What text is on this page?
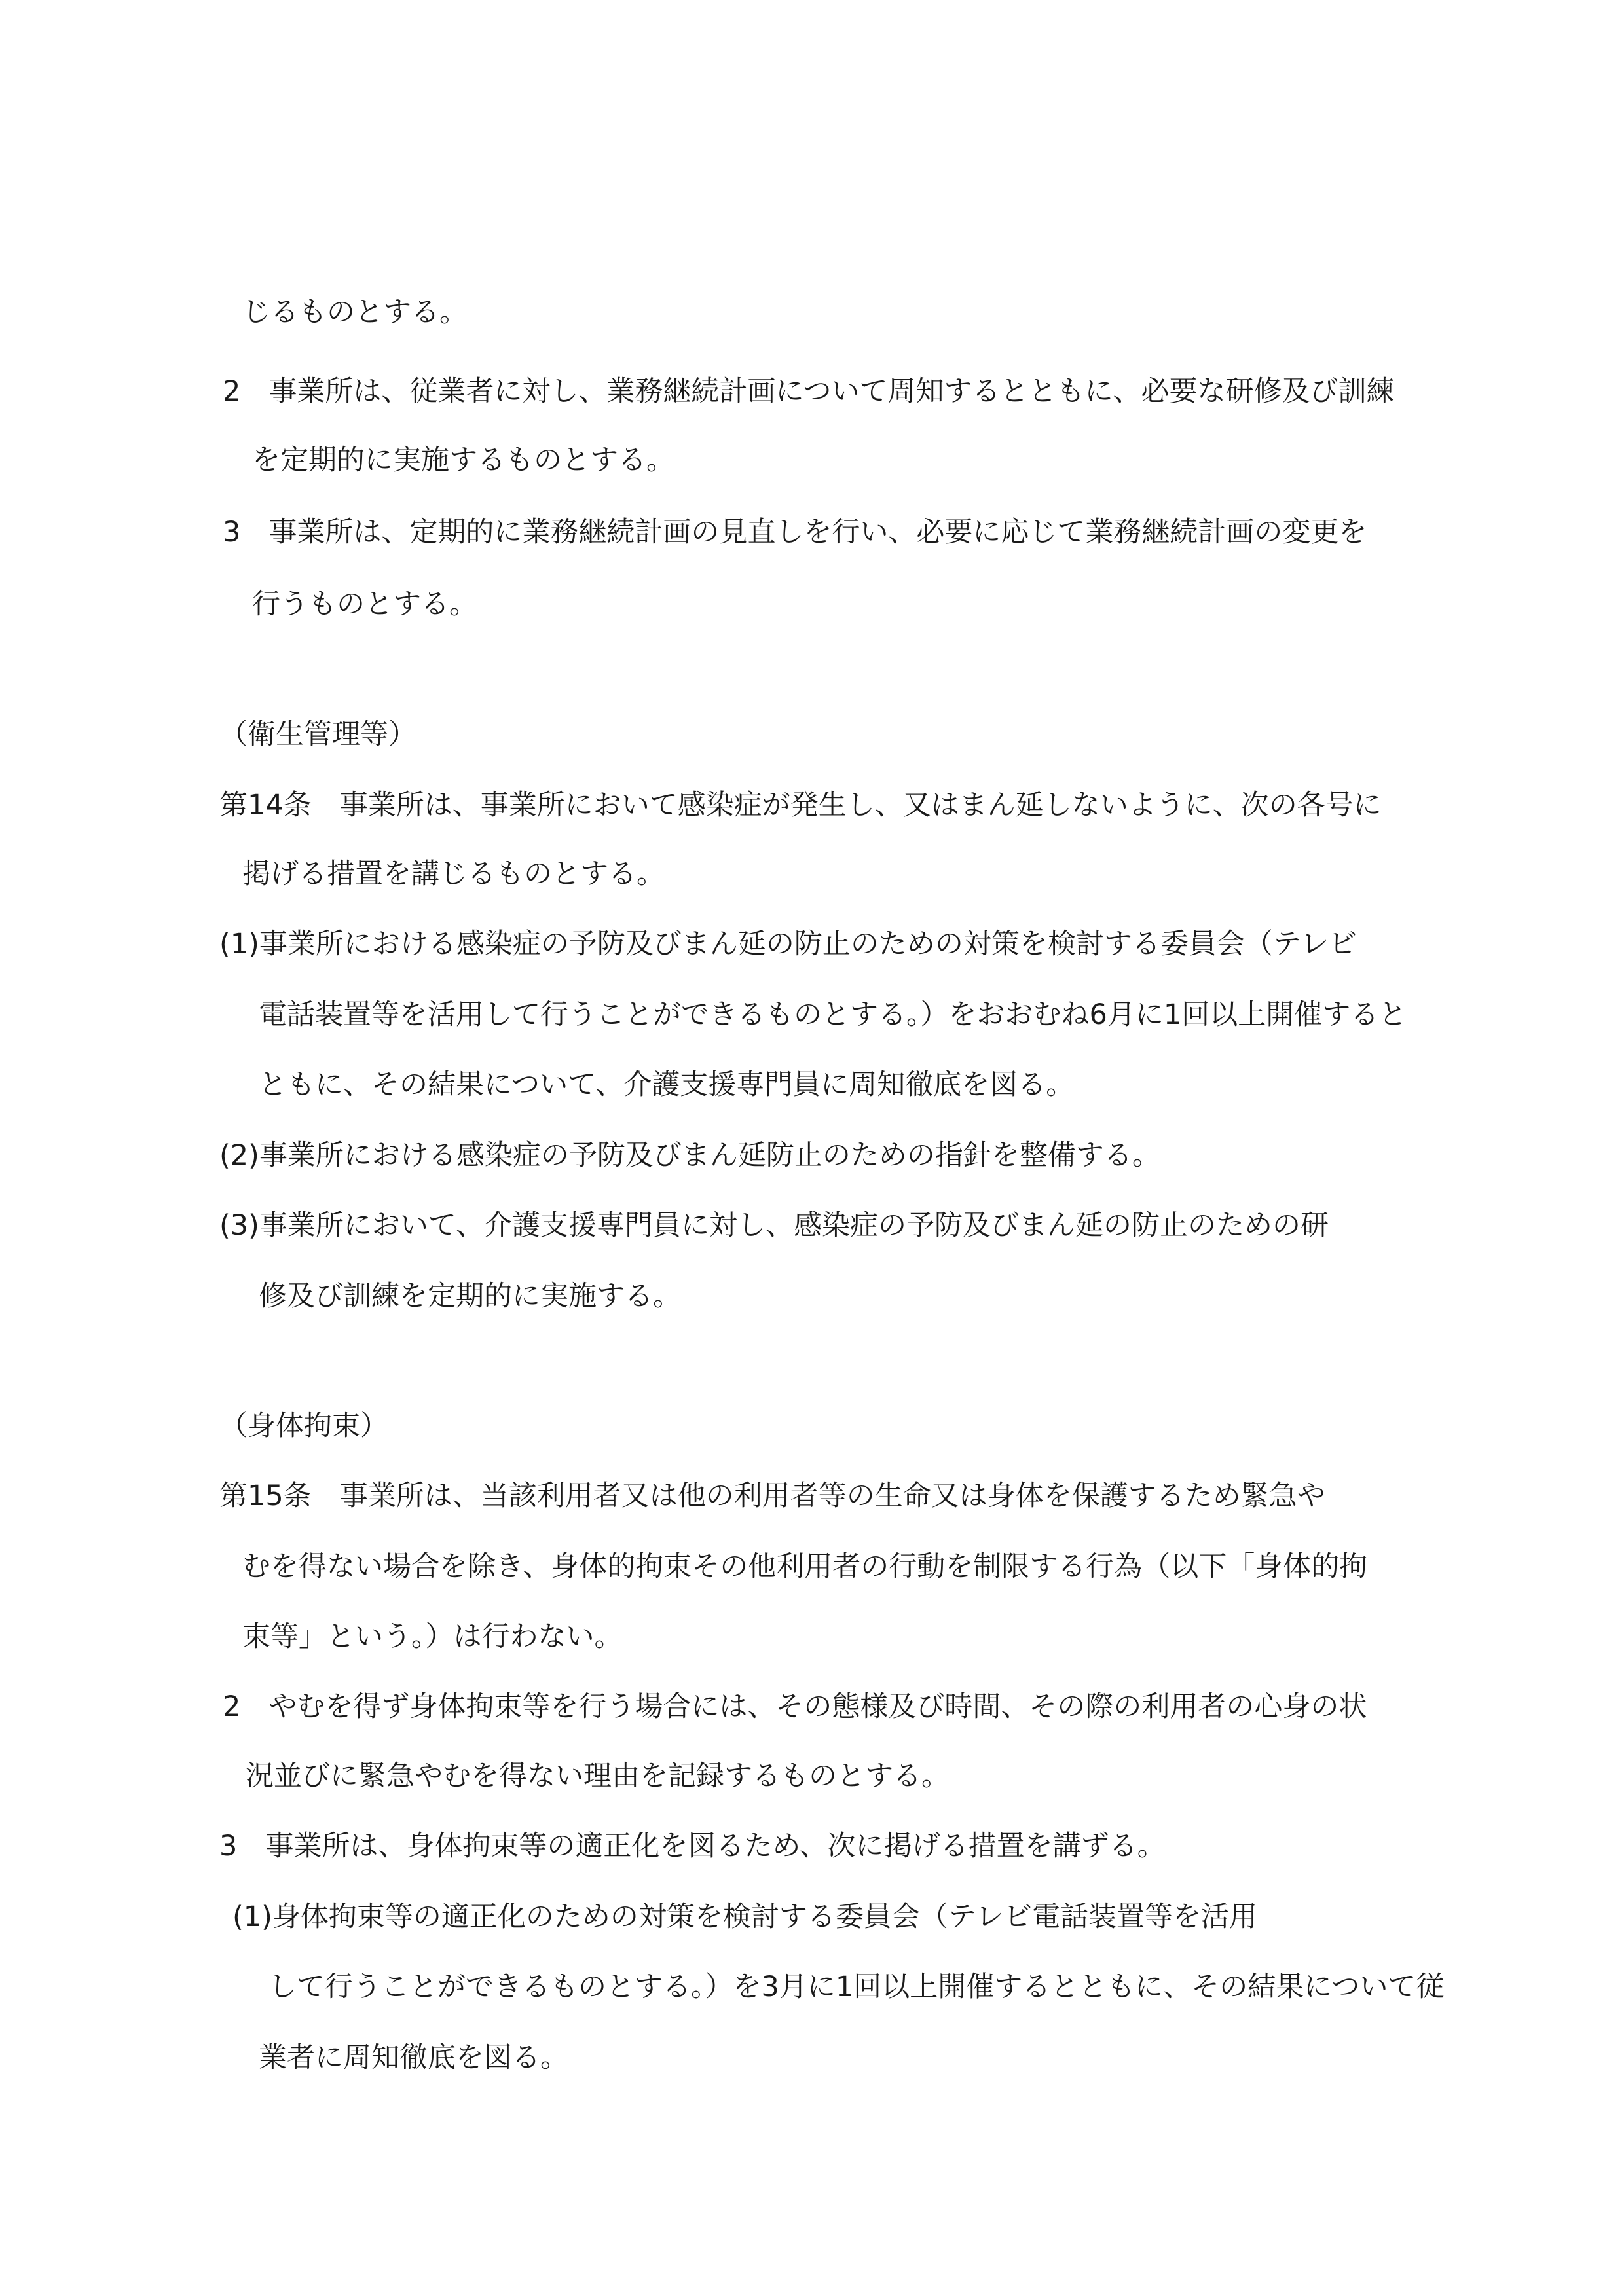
じるものとする。
2　事業所は、従業者に対し、業務継続計画について周知するとともに、必要な研修及び訓練
を定期的に実施するものとする。
3　事業所は、定期的に業務継続計画の見直しを行い、必要に応じて業務継続計画の変更を
行うものとする。
（衛生管理等）
第14条　事業所は、事業所において感染症が発生し、又はまん延しないように、次の各号に
掲げる措置を講じるものとする。
(1)事業所における感染症の予防及びまん延の防止のための対策を検討する委員会（テレビ
電話装置等を活用して行うことができるものとする。）をおおむね6月に1回以上開催すると
ともに、その結果について、介護支援専門員に周知徹底を図る。
(2)事業所における感染症の予防及びまん延防止のための指針を整備する。
(3)事業所において、介護支援専門員に対し、感染症の予防及びまん延の防止のための研
修及び訓練を定期的に実施する。
（身体拘束）
第15条　事業所は、当該利用者又は他の利用者等の生命又は身体を保護するため緊急や
むを得ない場合を除き、身体的拘束その他利用者の行動を制限する行為（以下「身体的拘
束等」という。）は行わない。
2　やむを得ず身体拘束等を行う場合には、その態様及び時間、その際の利用者の心身の状
況並びに緊急やむを得ない理由を記録するものとする。
3　事業所は、身体拘束等の適正化を図るため、次に掲げる措置を講ずる。
(1)身体拘束等の適正化のための対策を検討する委員会（テレビ電話装置等を活用
して行うことができるものとする。）を3月に1回以上開催するとともに、その結果について従
業者に周知徹底を図る。
